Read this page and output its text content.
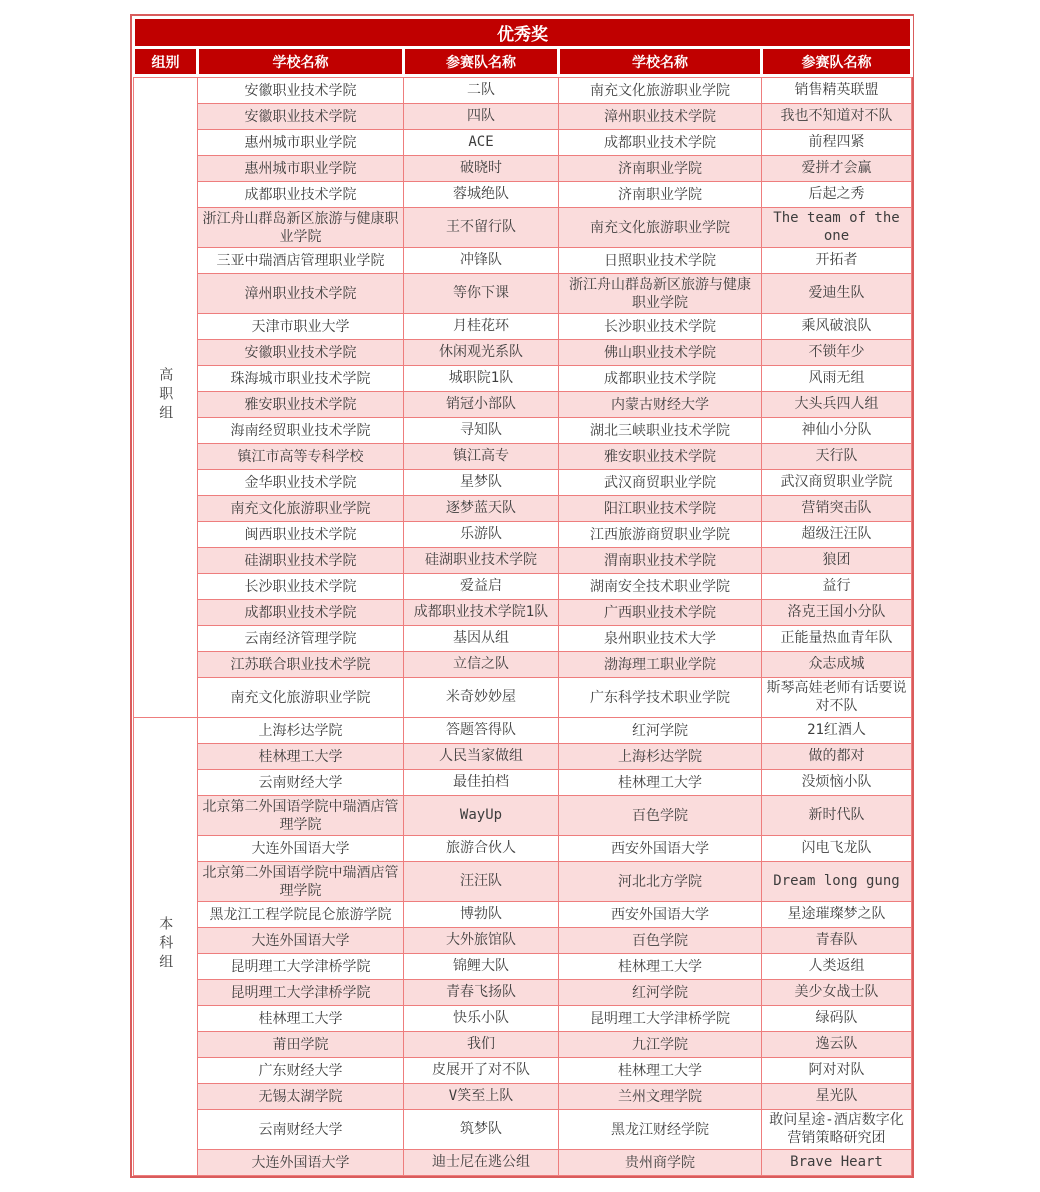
优秀奖				
组别	学校名称	参赛队名称	学校名称	参赛队名称

高职组	安徽职业技术学院	二队	南充文化旅游职业学院	销售精英联盟
	安徽职业技术学院	四队	漳州职业技术学院	我也不知道对不队
	惠州城市职业学院	ACE	成都职业技术学院	前程四紧
	惠州城市职业学院	破晓时	济南职业学院	爱拼才会赢
	成都职业技术学院	蓉城绝队	济南职业学院	后起之秀
	浙江舟山群岛新区旅游与健康职业学院	王不留行队	南充文化旅游职业学院	The team of the one
	三亚中瑞酒店管理职业学院	冲锋队	日照职业技术学院	开拓者
	漳州职业技术学院	等你下课	浙江舟山群岛新区旅游与健康职业学院	爱迪生队
	天津市职业大学	月桂花环	长沙职业技术学院	乘风破浪队
	安徽职业技术学院	休闲观光系队	佛山职业技术学院	不锁年少
	珠海城市职业技术学院	城职院1队	成都职业技术学院	风雨无组
	雅安职业技术学院	销冠小部队	内蒙古财经大学	大头兵四人组
	海南经贸职业技术学院	寻知队	湖北三峡职业技术学院	神仙小分队
	镇江市高等专科学校	镇江高专	雅安职业技术学院	天行队
	金华职业技术学院	星梦队	武汉商贸职业学院	武汉商贸职业学院
	南充文化旅游职业学院	逐梦蓝天队	阳江职业技术学院	营销突击队
	闽西职业技术学院	乐游队	江西旅游商贸职业学院	超级汪汪队
	硅湖职业技术学院	硅湖职业技术学院	渭南职业技术学院	狼团
	长沙职业技术学院	爱益启	湖南安全技术职业学院	益行
	成都职业技术学院	成都职业技术学院1队	广西职业技术学院	洛克王国小分队
	云南经济管理学院	基因从组	泉州职业技术大学	正能量热血青年队
	江苏联合职业技术学院	立信之队	渤海理工职业学院	众志成城
	南充文化旅游职业学院	米奇妙妙屋	广东科学技术职业学院	斯琴高娃老师有话要说对不队
本科组	上海杉达学院	答题答得队	红河学院	21红酒人
	桂林理工大学	人民当家做组	上海杉达学院	做的都对
	云南财经大学	最佳拍档	桂林理工大学	没烦恼小队
	北京第二外国语学院中瑞酒店管理学院	WayUp	百色学院	新时代队
	大连外国语大学	旅游合伙人	西安外国语大学	闪电飞龙队
	北京第二外国语学院中瑞酒店管理学院	汪汪队	河北北方学院	Dream long gung
	黑龙江工程学院昆仑旅游学院	博勃队	西安外国语大学	星途璀璨梦之队
	大连外国语大学	大外旅馆队	百色学院	青春队
	昆明理工大学津桥学院	锦鲤大队	桂林理工大学	人类返组
	昆明理工大学津桥学院	青春飞扬队	红河学院	美少女战士队
	桂林理工大学	快乐小队	昆明理工大学津桥学院	绿码队
	莆田学院	我们	九江学院	逸云队
	广东财经大学	皮展开了对不队	桂林理工大学	阿对对队
	无锡太湖学院	V笑至上队	兰州文理学院	星光队
	云南财经大学	筑梦队	黑龙江财经学院	敢问星途-酒店数字化营销策略研究团
	大连外国语大学	迪士尼在逃公组	贵州商学院	Brave Heart
